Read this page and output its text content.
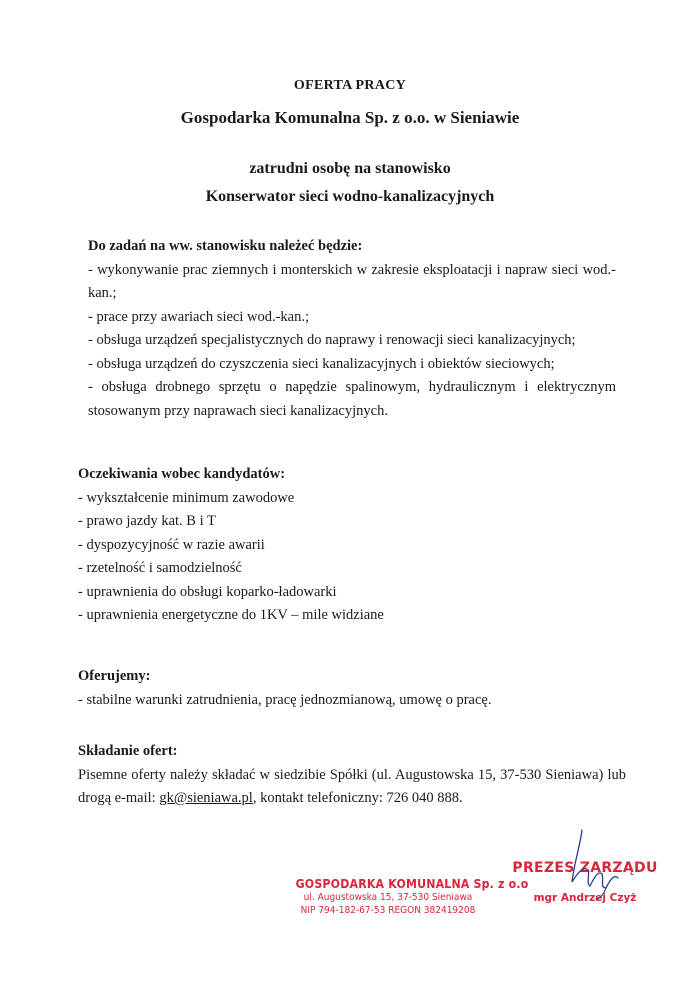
OFERTA PRACY
Gospodarka Komunalna Sp. z o.o. w Sieniawie
zatrudni osobę na stanowisko
Konserwator sieci wodno-kanalizacyjnych
Do zadań na ww. stanowisku należeć będzie:
- wykonywanie prac ziemnych i monterskich w zakresie eksploatacji i napraw sieci wod.-kan.;
- prace przy awariach sieci wod.-kan.;
- obsługa urządzeń specjalistycznych do naprawy i renowacji sieci kanalizacyjnych;
- obsługa urządzeń do czyszczenia sieci kanalizacyjnych i obiektów sieciowych;
- obsługa drobnego sprzętu o napędzie spalinowym, hydraulicznym i elektrycznym stosowanym przy naprawach sieci kanalizacyjnych.
Oczekiwania wobec kandydatów:
- wykształcenie minimum zawodowe
- prawo jazdy kat. B i T
- dyspozycyjność w razie awarii
- rzetelność i samodzielność
- uprawnienia do obsługi koparko-ładowarki
- uprawnienia energetyczne do 1KV – mile widziane
Oferujemy:
- stabilne warunki zatrudnienia, pracę jednozmianową, umowę o pracę.
Składanie ofert:
Pisemne oferty należy składać w siedzibie Spółki (ul. Augustowska 15, 37-530 Sieniawa) lub drogą e-mail: gk@sieniawa.pl, kontakt telefoniczny: 726 040 888.
GOSPODARKA KOMUNALNA Sp. z o.o
ul. Augustowska 15, 37-530 Sieniawa
NIP 794-182-67-53 REGON 382419208
PREZES ZARZĄDU
mgr Andrzej Czyż
